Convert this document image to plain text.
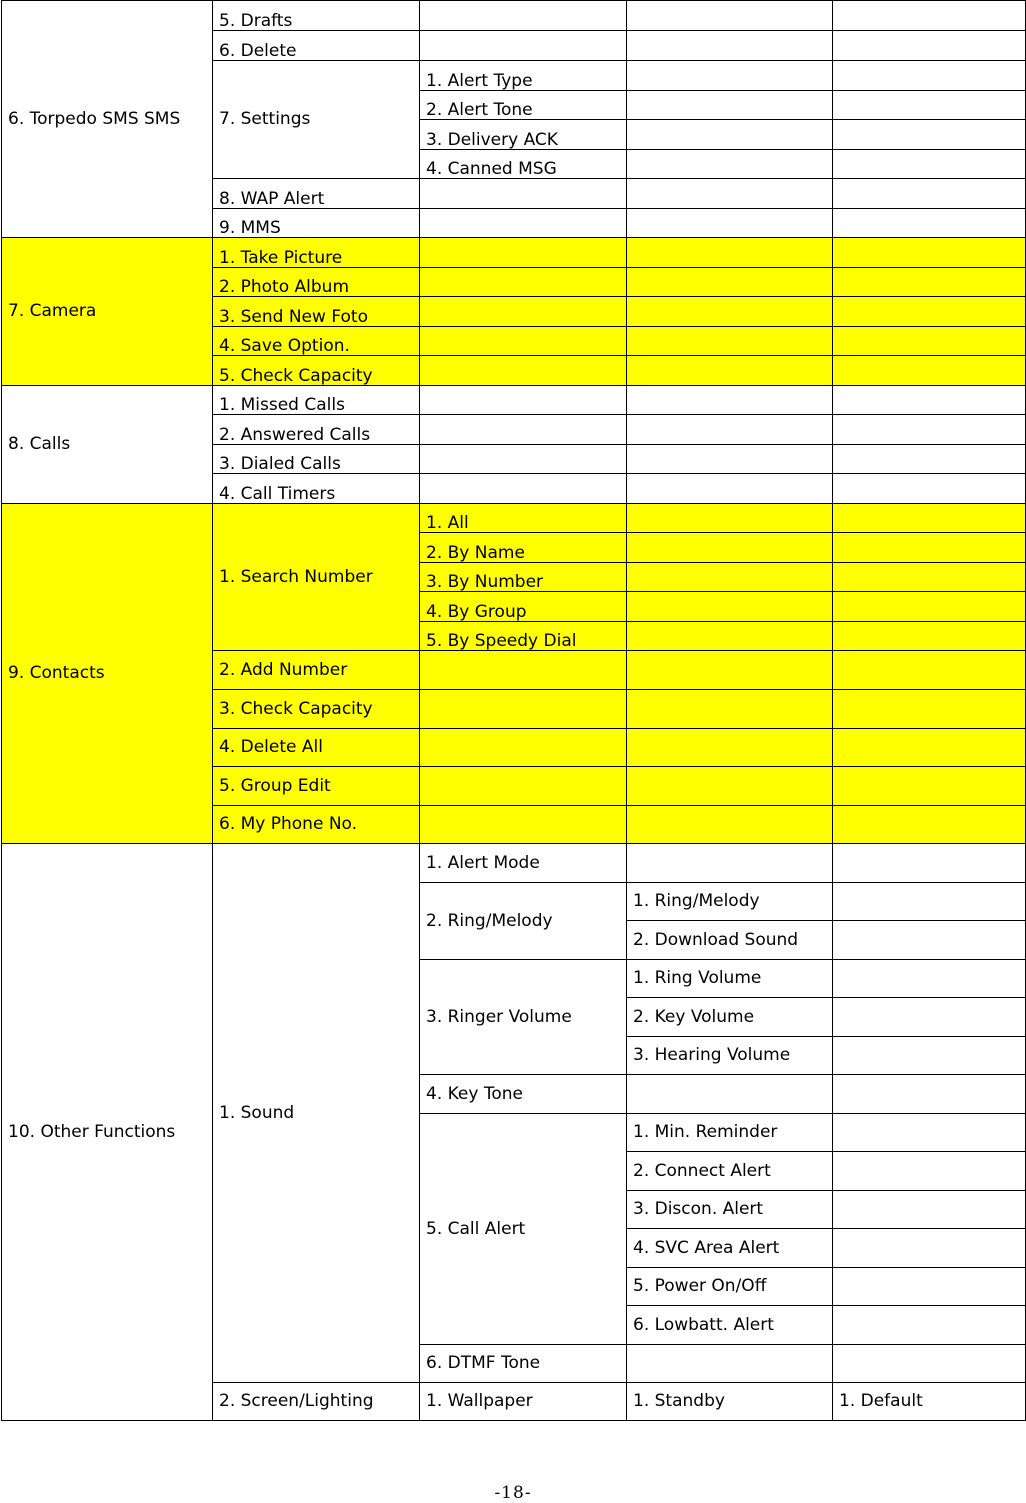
6. Torpedo SMS SMS	5. Drafts			
	6. Delete			
	7. Settings	1. Alert Type		
		2. Alert Tone		
		3. Delivery ACK		
		4. Canned MSG		
	8. WAP Alert			
	9. MMS			
7. Camera	1. Take Picture			
	2. Photo Album			
	3. Send New Foto			
	4. Save Option.			
	5. Check Capacity			
8. Calls	1. Missed Calls			
	2. Answered Calls			
	3. Dialed Calls			
	4. Call Timers			
9. Contacts	1. Search Number	1. All		
		2. By Name		
		3. By Number		
		4. By Group		
		5. By Speedy Dial		
	2. Add Number			
	3. Check Capacity			
	4. Delete All			
	5. Group Edit			
	6. My Phone No.			
10. Other Functions	1. Sound	1. Alert Mode		
		2. Ring/Melody	1. Ring/Melody	
			2. Download Sound	
		3. Ringer Volume	1. Ring Volume	
			2. Key Volume	
			3. Hearing Volume	
		4. Key Tone		
		5. Call Alert	1. Min. Reminder	
			2. Connect Alert	
			3. Discon. Alert	
			4. SVC Area Alert	
			5. Power On/Off	
			6. Lowbatt. Alert	
		6. DTMF Tone		
	2. Screen/Lighting	1. Wallpaper	1. Standby	1. Default
-18-
